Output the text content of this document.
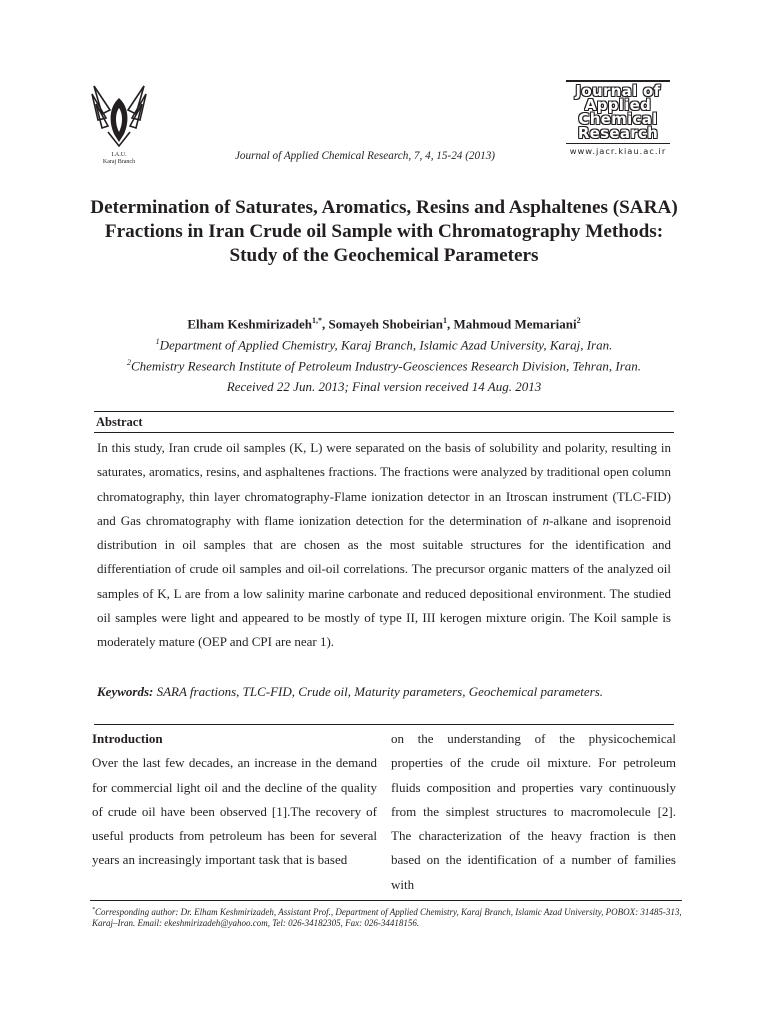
I.A.U.
Karaj Branch	Journal of Applied Chemical Research, 7, 4, 15-24 (2013)
Journal of
Applied
Chemical
Research
www.jacr.kiau.ac.ir
Determination of Saturates, Aromatics, Resins and Asphaltenes (SARA) Fractions in Iran Crude oil Sample with Chromatography Methods: Study of the Geochemical Parameters
Elham Keshmirizadeh$^{1,*}$, Somayeh Shobeirian$^1$, Mahmoud Memariani$^2$
$^1$Department of Applied Chemistry, Karaj Branch, Islamic Azad University, Karaj, Iran.
$^2$Chemistry Research Institute of Petroleum Industry-Geosciences Research Division, Tehran, Iran.
Received 22 Jun. 2013; Final version received 14 Aug. 2013
Abstract
In this study, Iran crude oil samples (K, L) were separated on the basis of solubility and polarity, resulting in saturates, aromatics, resins, and asphaltenes fractions. The fractions were analyzed by traditional open column chromatography, thin layer chromatography-Flame ionization detector in an Itroscan instrument (TLC-FID) and Gas chromatography with flame ionization detection for the determination of n-alkane and isoprenoid distribution in oil samples that are chosen as the most suitable structures for the identification and differentiation of crude oil samples and oil-oil correlations. The precursor organic matters of the analyzed oil samples of K, L are from a low salinity marine carbonate and reduced depositional environment. The studied oil samples were light and appeared to be mostly of type II, III kerogen mixture origin. The Koil sample is moderately mature (OEP and CPI are near 1).
Keywords: SARA fractions, TLC-FID, Crude oil, Maturity parameters, Geochemical parameters.
Introduction
Over the last few decades, an increase in the demand for commercial light oil and the decline of the quality of crude oil have been observed [1].The recovery of useful products from petroleum has been for several years an increasingly important task that is based
on the understanding of the physicochemical properties of the crude oil mixture. For petroleum fluids composition and properties vary continuously from the simplest structures to macromolecule [2]. The characterization of the heavy fraction is then based on the identification of a number of families with
*Corresponding author: Dr. Elham Keshmirizadeh, Assistant Prof., Department of Applied Chemistry, Karaj Branch, Islamic Azad University, POBOX: 31485-313, Karaj–Iran. Email: ekeshmirizadeh@yahoo.com, Tel: 026-34182305, Fax: 026-34418156.
